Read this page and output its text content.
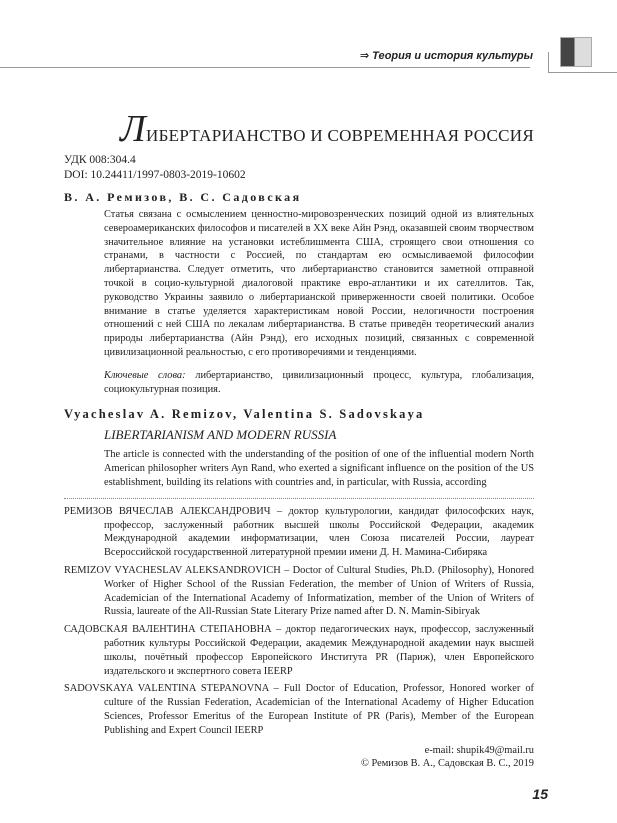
⇒ Теория и история культуры
ЛИБЕРТАРИАНСТВО И СОВРЕМЕННАЯ РОССИЯ
УДК 008:304.4
DOI: 10.24411/1997-0803-2019-10602
В. А. Ремизов, В. С. Садовская
Статья связана с осмыслением ценностно-мировозренческих позиций одной из влиятельных североамериканских философов и писателей в XX веке Айн Рэнд, оказавшей своим творчеством значительное влияние на установки истеблишмента США, строящего свои отношения со странами, в частности с Россией, по стандартам ею осмысливаемой философии либертарианства. Следует отметить, что либертарианство становится заметной отправной точкой в социо-культурной диалоговой практике евро-атлантики и их сателлитов. Так, руководство Украины заявило о либертарианской приверженности своей политики. Особое внимание в статье уделяется характеристикам новой России, нелогичности построения отношений с ней США по лекалам либертарианства. В статье приведён теоретический анализ природы либертарианства (Айн Рэнд), его исходных позиций, связанных с современной цивилизационной реальностью, с его противоречиями и тенденциями.
Ключевые слова: либертарианство, цивилизационный процесс, культура, глобализация, социокультурная позиция.
Vyacheslav A. Remizov, Valentina S. Sadovskaya
LIBERTARIANISM AND MODERN RUSSIA
The article is connected with the understanding of the position of one of the influential modern North American philosopher writers Ayn Rand, who exerted a significant influence on the position of the US establishment, building its relations with countries and, in particular, with Russia, according
РЕМИЗОВ ВЯЧЕСЛАВ АЛЕКСАНДРОВИЧ – доктор культурологии, кандидат философских наук, профессор, заслуженный работник высшей школы Российской Федерации, академик Международной академии информатизации, член Союза писателей России, лауреат Всероссийской государственной литературной премии имени Д. Н. Мамина-Сибиряка
REMIZOV VYACHESLAV ALEKSANDROVICH – Doctor of Cultural Studies, Ph.D. (Philosophy), Honored Worker of Higher School of the Russian Federation, the member of Union of Writers of Russia, Academician of the International Academy of Informatization, member of the Union of Writers of Russia, laureate of the All-Russian State Literary Prize named after D. N. Mamin-Sibiryak
САДОВСКАЯ ВАЛЕНТИНА СТЕПАНОВНА – доктор педагогических наук, профессор, заслуженный работник культуры Российской Федерации, академик Международной академии наук высшей школы, почётный профессор Европейского Института PR (Париж), член Европейского издательского и экспертного совета IEERP
SADOVSKAYA VALENTINA STEPANOVNA – Full Doctor of Education, Professor, Honored worker of culture of the Russian Federation, Academician of the International Academy of Higher Education Sciences, Professor Emeritus of the European Institute of PR (Paris), Member of the European Publishing and Expert Council IEERP
e-mail: shupik49@mail.ru
© Ремизов В. А., Садовская В. С., 2019
15
